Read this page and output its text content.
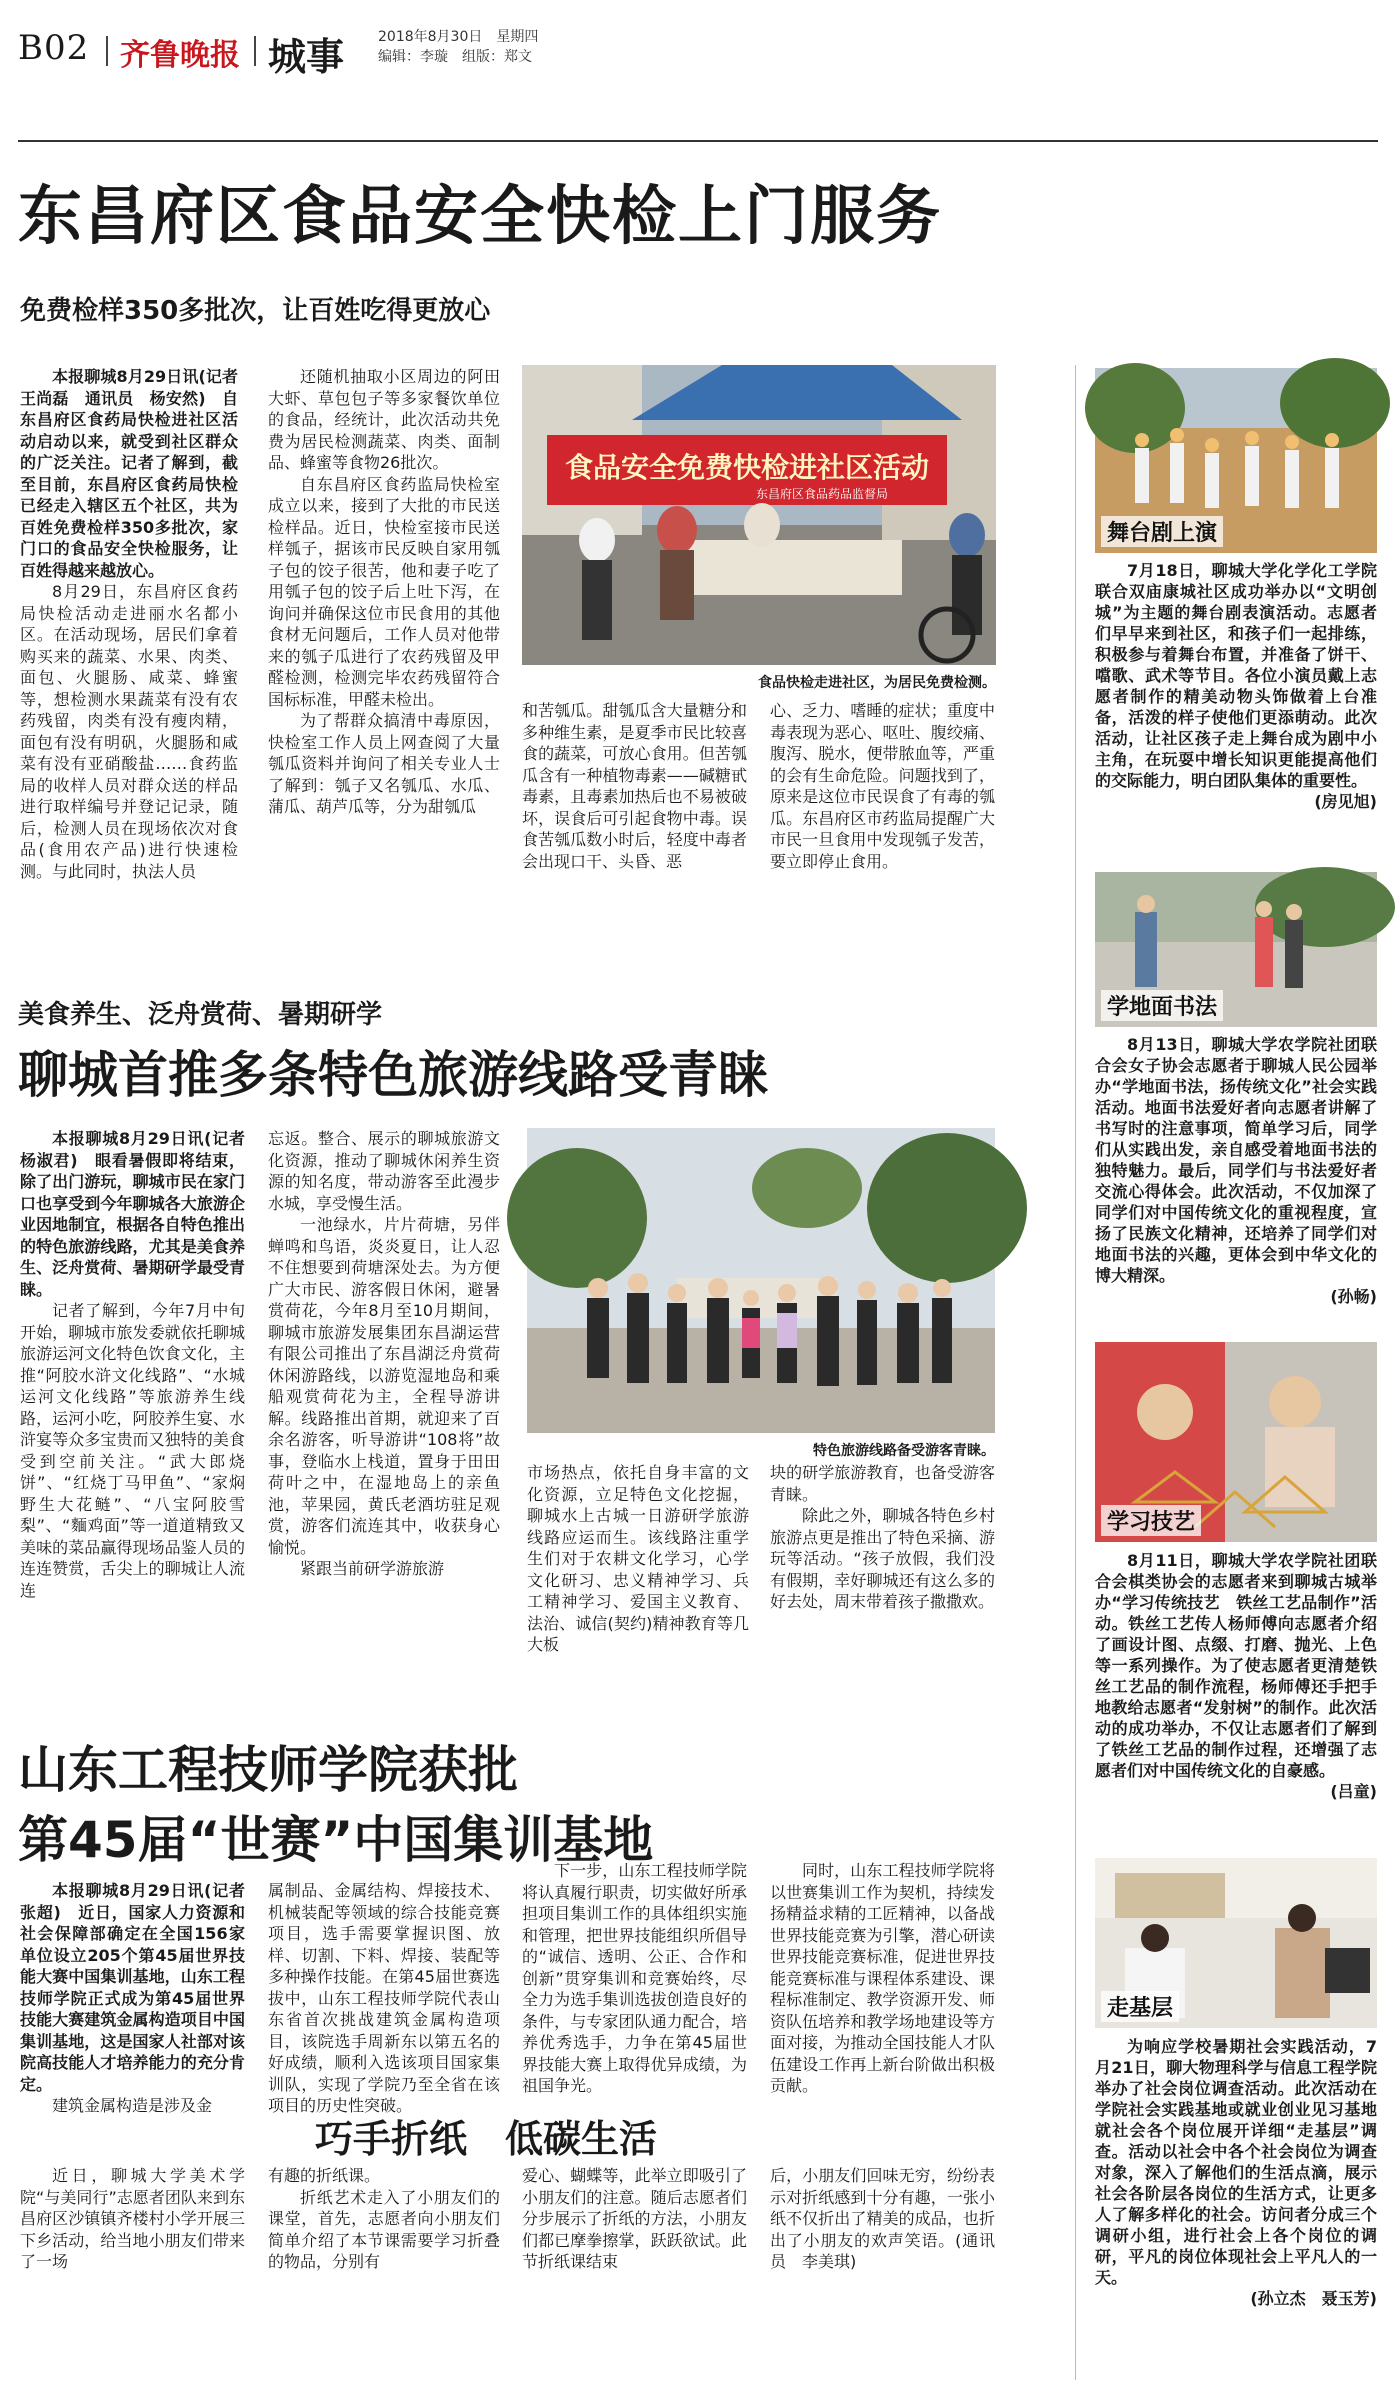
B02 齐鲁晚报 城事 2018年8月30日　星期四
编辑：李璇　组版：郑文
东昌府区食品安全快检上门服务
免费检样350多批次，让百姓吃得更放心

本报聊城8月29日讯(记者　王尚磊　通讯员　杨安然)　自东昌府区食药局快检进社区活动启动以来，就受到社区群众的广泛关注。记者了解到，截至目前，东昌府区食药局快检已经走入辖区五个社区，共为百姓免费检样350多批次，家门口的食品安全快检服务，让百姓得越来越放心。

8月29日，东昌府区食药局快检活动走进丽水名都小区。在活动现场，居民们拿着购买来的蔬菜、水果、肉类、面包、火腿肠、咸菜、蜂蜜等，想检测水果蔬菜有没有农药残留，肉类有没有瘦肉精，面包有没有明矾，火腿肠和咸菜有没有亚硝酸盐……食药监局的收样人员对群众送的样品进行取样编号并登记记录，随后，检测人员在现场依次对食品(食用农产品)进行快速检测。与此同时，执法人员

还随机抽取小区周边的阿田大虾、草包包子等多家餐饮单位的食品，经统计，此次活动共免费为居民检测蔬菜、肉类、面制品、蜂蜜等食物26批次。

自东昌府区食药监局快检室成立以来，接到了大批的市民送检样品。近日，快检室接市民送样瓠子，据该市民反映自家用瓠子包的饺子很苦，他和妻子吃了用瓠子包的饺子后上吐下泻，在询问并确保这位市民食用的其他食材无问题后，工作人员对他带来的瓠子瓜进行了农药残留及甲醛检测，检测完毕农药残留符合国标标准，甲醛未检出。

为了帮群众搞清中毒原因，快检室工作人员上网查阅了大量瓠瓜资料并询问了相关专业人士了解到：瓠子又名瓠瓜、水瓜、蒲瓜、葫芦瓜等，分为甜瓠瓜

食品安全免费快检进社区活动
东昌府区食品药品监督局
食品快检走进社区，为居民免费检测。

和苦瓠瓜。甜瓠瓜含大量糖分和多种维生素，是夏季市民比较喜食的蔬菜，可放心食用。但苦瓠瓜含有一种植物毒素——碱糖甙毒素，且毒素加热后也不易被破坏，误食后可引起食物中毒。误食苦瓠瓜数小时后，轻度中毒者会出现口干、头昏、恶

心、乏力、嗜睡的症状；重度中毒表现为恶心、呕吐、腹绞痛、腹泻、脱水，便带脓血等，严重的会有生命危险。问题找到了，原来是这位市民误食了有毒的瓠瓜。东昌府区市药监局提醒广大市民一旦食用中发现瓠子发苦，要立即停止食用。

美食养生、泛舟赏荷、暑期研学
聊城首推多条特色旅游线路受青睐

本报聊城8月29日讯(记者　杨淑君)　眼看暑假即将结束，除了出门游玩，聊城市民在家门口也享受到今年聊城各大旅游企业因地制宜，根据各自特色推出的特色旅游线路，尤其是美食养生、泛舟赏荷、暑期研学最受青睐。

记者了解到，今年7月中旬开始，聊城市旅发委就依托聊城旅游运河文化特色饮食文化，主推“阿胶水浒文化线路”、“水城运河文化线路”等旅游养生线路，运河小吃，阿胶养生宴、水浒宴等众多宝贵而又独特的美食受到空前关注。“武大郎烧饼”、“红烧丁马甲鱼”、“家焖野生大花鲢”、“八宝阿胶雪梨”、“麵鸡面”等一道道精致又美味的菜品赢得现场品鉴人员的连连赞赏，舌尖上的聊城让人流连

忘返。整合、展示的聊城旅游文化资源，推动了聊城休闲养生资源的知名度，带动游客至此漫步水城，享受慢生活。

一池绿水，片片荷塘，另伴蝉鸣和鸟语，炎炎夏日，让人忍不住想要到荷塘深处去。为方便广大市民、游客假日休闲，避暑赏荷花，今年8月至10月期间，聊城市旅游发展集团东昌湖运营有限公司推出了东昌湖泛舟赏荷休闲游路线，以游览湿地岛和乘船观赏荷花为主，全程导游讲解。线路推出首期，就迎来了百余名游客，听导游讲“108将”故事，登临水上栈道，置身于田田荷叶之中，在湿地岛上的亲鱼池，苹果园，黄氏老酒坊驻足观赏，游客们流连其中，收获身心愉悦。

紧跟当前研学游旅游

特色旅游线路备受游客青睐。

市场热点，依托自身丰富的文化资源，立足特色文化挖掘，聊城水上古城一日游研学旅游线路应运而生。该线路注重学生们对于农耕文化学习，心学文化研习、忠义精神学习、兵工精神学习、爱国主义教育、法治、诚信(契约)精神教育等几大板

块的研学旅游教育，也备受游客青睐。

除此之外，聊城各特色乡村旅游点更是推出了特色采摘、游玩等活动。“孩子放假，我们没有假期，幸好聊城还有这么多的好去处，周末带着孩子撒撒欢。

山东工程技师学院获批
第45届“世赛”中国集训基地

本报聊城8月29日讯(记者　张超)　近日，国家人力资源和社会保障部确定在全国156家单位设立205个第45届世界技能大赛中国集训基地，山东工程技师学院正式成为第45届世界技能大赛建筑金属构造项目中国集训基地，这是国家人社部对该院高技能人才培养能力的充分肯定。

建筑金属构造是涉及金

属制品、金属结构、焊接技术、机械装配等领域的综合技能竞赛项目，选手需要掌握识图、放样、切割、下料、焊接、装配等多种操作技能。在第45届世赛选拔中，山东工程技师学院代表山东省首次挑战建筑金属构造项目，该院选手周新东以第五名的好成绩，顺利入选该项目国家集训队，实现了学院乃至全省在该项目的历史性突破。

下一步，山东工程技师学院将认真履行职责，切实做好所承担项目集训工作的具体组织实施和管理，把世界技能组织所倡导的“诚信、透明、公正、合作和创新”贯穿集训和竞赛始终，尽全力为选手集训选拔创造良好的条件，与专家团队通力配合，培养优秀选手，力争在第45届世界技能大赛上取得优异成绩，为祖国争光。

同时，山东工程技师学院将以世赛集训工作为契机，持续发扬精益求精的工匠精神，以备战世界技能竞赛为引擎，潜心研读世界技能竞赛标准，促进世界技能竞赛标准与课程体系建设、课程标准制定、教学资源开发、师资队伍培养和教学场地建设等方面对接，为推动全国技能人才队伍建设工作再上新台阶做出积极贡献。

巧手折纸　低碳生活

近日，聊城大学美术学院“与美同行”志愿者团队来到东昌府区沙镇镇齐楼村小学开展三下乡活动，给当地小朋友们带来了一场

有趣的折纸课。

折纸艺术走入了小朋友们的课堂，首先，志愿者向小朋友们简单介绍了本节课需要学习折叠的物品，分别有

爱心、蝴蝶等，此举立即吸引了小朋友们的注意。随后志愿者们分步展示了折纸的方法，小朋友们都已摩拳擦掌，跃跃欲试。此节折纸课结束

后，小朋友们回味无穷，纷纷表示对折纸感到十分有趣，一张小纸不仅折出了精美的成品，也折出了小朋友的欢声笑语。(通讯员　李美琪)

舞台剧上演

7月18日，聊城大学化学化工学院联合双庙康城社区成功举办以“文明创城”为主题的舞台剧表演活动。志愿者们早早来到社区，和孩子们一起排练，积极参与着舞台布置，并准备了饼干、噹歌、武术等节目。各位小演员戴上志愿者制作的精美动物头饰做着上台准备，活泼的样子使他们更添萌动。此次活动，让社区孩子走上舞台成为剧中小主角，在玩耍中增长知识更能提高他们的交际能力，明白团队集体的重要性。

(房见旭)
学地面书法

8月13日，聊城大学农学院社团联合会女子协会志愿者于聊城人民公园举办“学地面书法，扬传统文化”社会实践活动。地面书法爱好者向志愿者讲解了书写时的注意事项，简单学习后，同学们从实践出发，亲自感受着地面书法的独特魅力。最后，同学们与书法爱好者交流心得体会。此次活动，不仅加深了同学们对中国传统文化的重视程度，宣扬了民族文化精神，还培养了同学们对地面书法的兴趣，更体会到中华文化的博大精深。

(孙畅)
学习技艺

8月11日，聊城大学农学院社团联合会棋类协会的志愿者来到聊城古城举办“学习传统技艺　铁丝工艺品制作”活动。铁丝工艺传人杨师傅向志愿者介绍了画设计图、点缀、打磨、抛光、上色等一系列操作。为了使志愿者更清楚铁丝工艺品的制作流程，杨师傅还手把手地教给志愿者“发射树”的制作。此次活动的成功举办，不仅让志愿者们了解到了铁丝工艺品的制作过程，还增强了志愿者们对中国传统文化的自豪感。

(吕童)
走基层

为响应学校暑期社会实践活动，7月21日，聊大物理科学与信息工程学院举办了社会岗位调查活动。此次活动在学院社会实践基地或就业创业见习基地就社会各个岗位展开详细“走基层”调查。活动以社会中各个社会岗位为调查对象，深入了解他们的生活点滴，展示社会各阶层各岗位的生活方式，让更多人了解多样化的社会。访问者分成三个调研小组，进行社会上各个岗位的调研，平凡的岗位体现社会上平凡人的一天。

(孙立杰　聂玉芳)
